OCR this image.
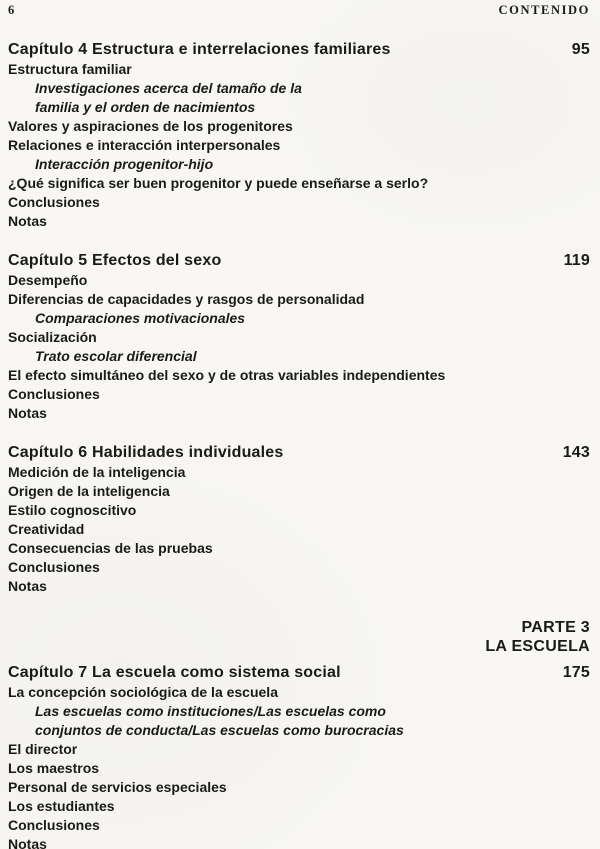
6	CONTENIDO
Capítulo 4 Estructura e interrelaciones familiares	95
Estructura familiar
Investigaciones acerca del tamaño de la
familia y el orden de nacimientos
Valores y aspiraciones de los progenitores
Relaciones e interacción interpersonales
Interacción progenitor-hijo
¿Qué significa ser buen progenitor y puede enseñarse a serlo?
Conclusiones
Notas
Capítulo 5 Efectos del sexo	119
Desempeño
Diferencias de capacidades y rasgos de personalidad
Comparaciones motivacionales
Socialización
Trato escolar diferencial
El efecto simultáneo del sexo y de otras variables independientes
Conclusiones
Notas
Capítulo 6 Habilidades individuales	143
Medición de la inteligencia
Origen de la inteligencia
Estilo cognoscitivo
Creatividad
Consecuencias de las pruebas
Conclusiones
Notas
PARTE 3
LA ESCUELA
Capítulo 7 La escuela como sistema social	175
La concepción sociológica de la escuela
Las escuelas como instituciones/Las escuelas como
conjuntos de conducta/Las escuelas como burocracias
El director
Los maestros
Personal de servicios especiales
Los estudiantes
Conclusiones
Notas
